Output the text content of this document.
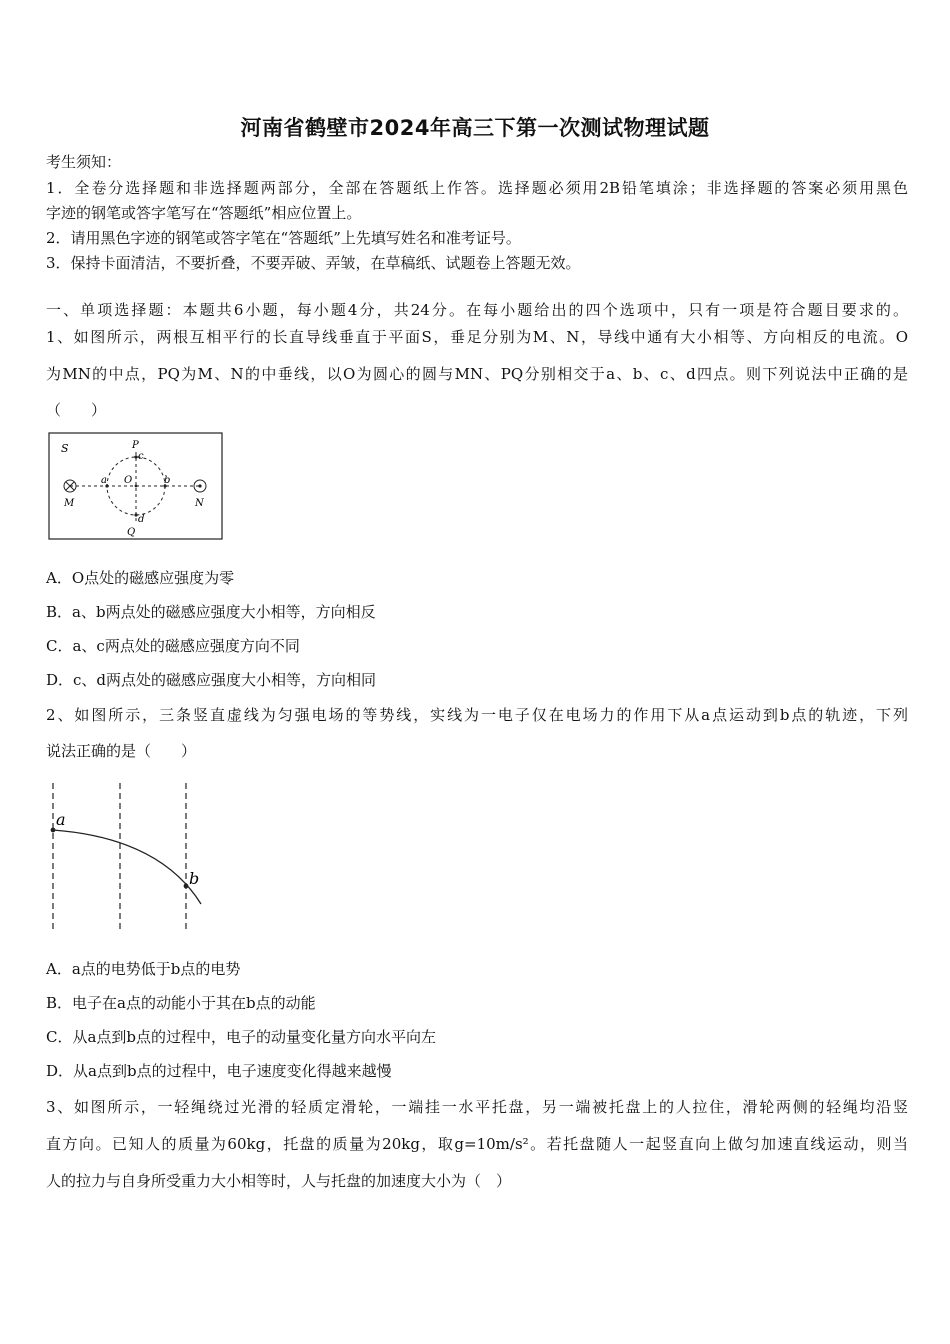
河南省鹤壁市2024年高三下第一次测试物理试题
考生须知：
1．全卷分选择题和非选择题两部分，全部在答题纸上作答。选择题必须用2B铅笔填涂；非选择题的答案必须用黑色
字迹的钢笔或答字笔写在“答题纸”相应位置上。
2．请用黑色字迹的钢笔或答字笔在“答题纸”上先填写姓名和准考证号。
3．保持卡面清洁，不要折叠，不要弄破、弄皱，在草稿纸、试题卷上答题无效。
一、单项选择题：本题共6小题，每小题4分，共24分。在每小题给出的四个选项中，只有一项是符合题目要求的。
1、如图所示，两根互相平行的长直导线垂直于平面S，垂足分别为M、N，导线中通有大小相等、方向相反的电流。O
为MN的中点，PQ为M、N的中垂线，以O为圆心的圆与MN、PQ分别相交于a、b、c、d四点。则下列说法中正确的是
（　　）
S
M	N
P
Q
O
a	b
c
d
A．O点处的磁感应强度为零
B．a、b两点处的磁感应强度大小相等，方向相反
C．a、c两点处的磁感应强度方向不同
D．c、d两点处的磁感应强度大小相等，方向相同
2、如图所示，三条竖直虚线为匀强电场的等势线，实线为一电子仅在电场力的作用下从a点运动到b点的轨迹，下列
说法正确的是（　　）
a
b
A．a点的电势低于b点的电势
B．电子在a点的动能小于其在b点的动能
C．从a点到b点的过程中，电子的动量变化量方向水平向左
D．从a点到b点的过程中，电子速度变化得越来越慢
3、如图所示，一轻绳绕过光滑的轻质定滑轮，一端挂一水平托盘，另一端被托盘上的人拉住，滑轮两侧的轻绳均沿竖
直方向。已知人的质量为60kg，托盘的质量为20kg，取g=10m/s²。若托盘随人一起竖直向上做匀加速直线运动，则当
人的拉力与自身所受重力大小相等时，人与托盘的加速度大小为（　）
